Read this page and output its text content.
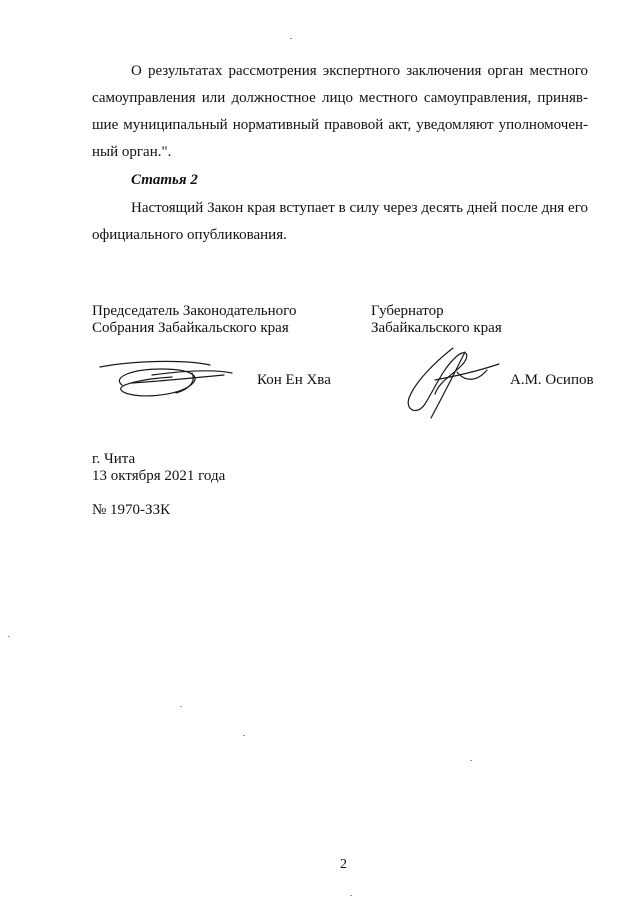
О результатах рассмотрения экспертного заключения орган местного
самоуправления или должностное лицо местного самоуправления, приняв-
шие муниципальный нормативный правовой акт, уведомляют уполномочен-
ный орган.".
Статья 2
Настоящий Закон края вступает в силу через десять дней после дня его
официального опубликования.
Председатель Законодательного
Собрания Забайкальского края
Кон Ен Хва
Губернатор
Забайкальского края
А.М. Осипов
г. Чита
13 октября 2021 года
№ 1970-ЗЗК
2
